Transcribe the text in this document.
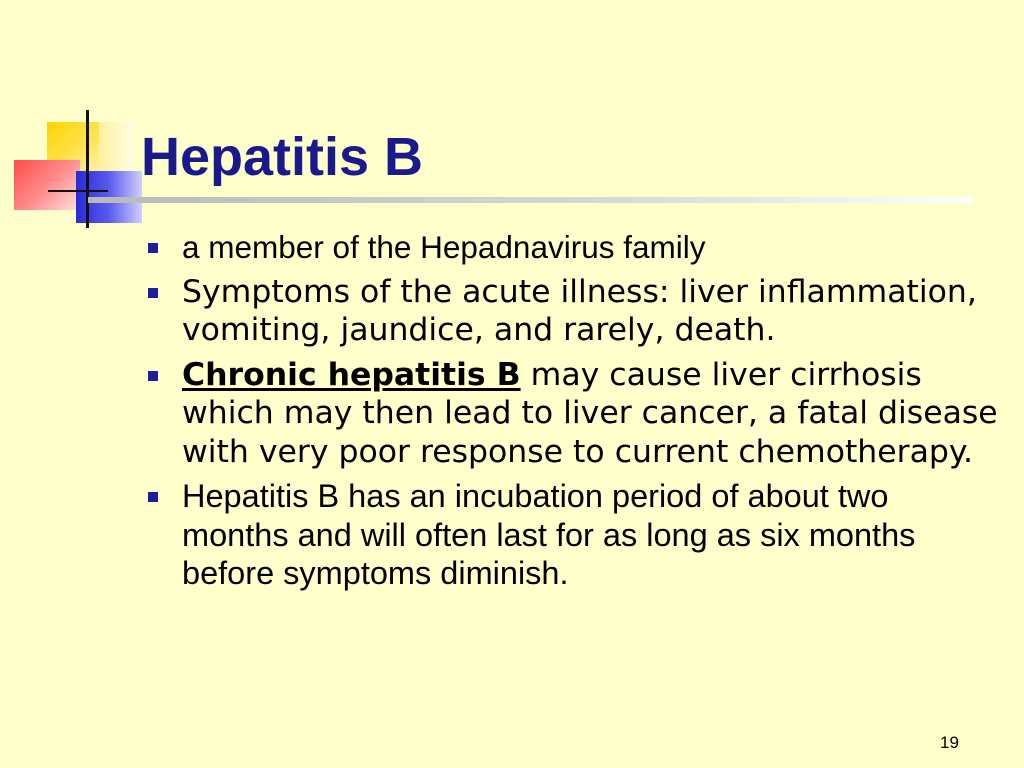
Hepatitis B
a member of the Hepadnavirus family
Symptoms of the acute illness: liver inflammation, vomiting, jaundice, and rarely, death.
Chronic hepatitis B may cause liver cirrhosis which may then lead to liver cancer, a fatal disease with very poor response to current chemotherapy.
Hepatitis B has an incubation period of about two months and will often last for as long as six months before symptoms diminish.
19
